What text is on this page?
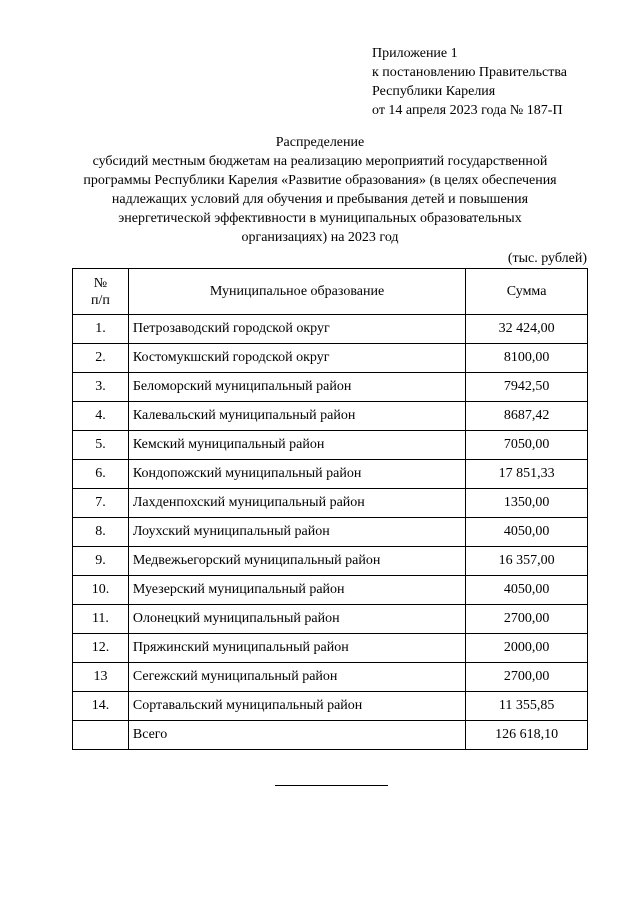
Приложение 1
к постановлению Правительства
Республики Карелия
от 14 апреля 2023 года № 187-П
Распределение
субсидий местным бюджетам на реализацию мероприятий государственной
программы Республики Карелия «Развитие образования» (в целях обеспечения
надлежащих условий для обучения и пребывания детей и повышения
энергетической эффективности в муниципальных образовательных
организациях) на 2023 год
(тыс. рублей)
№
п/п	Муниципальное образование	Сумма
1.	Петрозаводский городской округ	32 424,00
2.	Костомукшский городской округ	8100,00
3.	Беломорский муниципальный район	7942,50
4.	Калевальский муниципальный район	8687,42
5.	Кемский муниципальный район	7050,00
6.	Кондопожский муниципальный район	17 851,33
7.	Лахденпохский муниципальный район	1350,00
8.	Лоухский муниципальный район	4050,00
9.	Медвежьегорский муниципальный район	16 357,00
10.	Муезерский муниципальный район	4050,00
11.	Олонецкий муниципальный район	2700,00
12.	Пряжинский муниципальный район	2000,00
13	Сегежский муниципальный район	2700,00
14.	Сортавальский муниципальный район	11 355,85
	Всего	126 618,10
